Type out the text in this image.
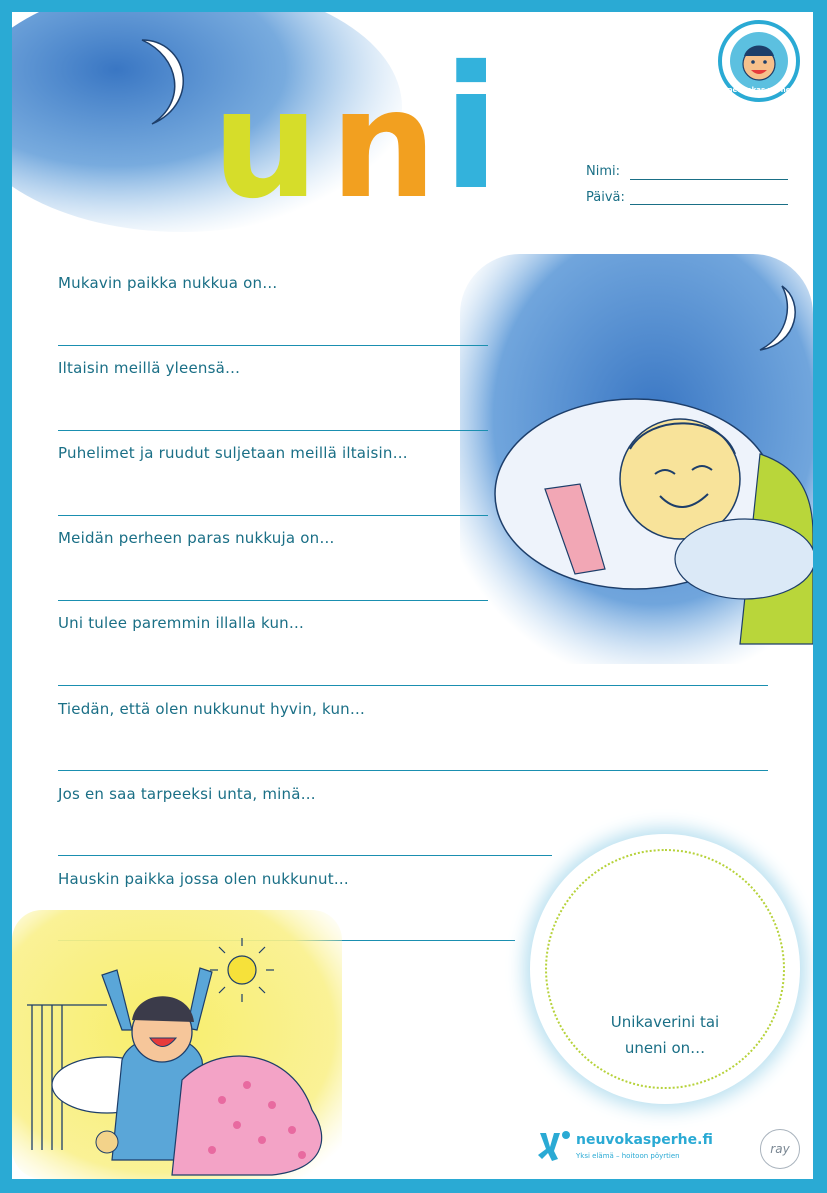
u n i	neuvokas perhe
Nimi:
Päivä:
Mukavin paikka nukkua on…
Iltaisin meillä yleensä…
Puhelimet ja ruudut suljetaan meillä iltaisin…
Meidän perheen paras nukkuja on…
Uni tulee paremmin illalla kun…
Tiedän, että olen nukkunut hyvin, kun…
Jos en saa tarpeeksi unta, minä…
Hauskin paikka jossa olen nukkunut…
Unikaverini tai
uneni on…
neuvokasperhe.fi
Yksi elämä – hoitoon pöyrtien	ray
